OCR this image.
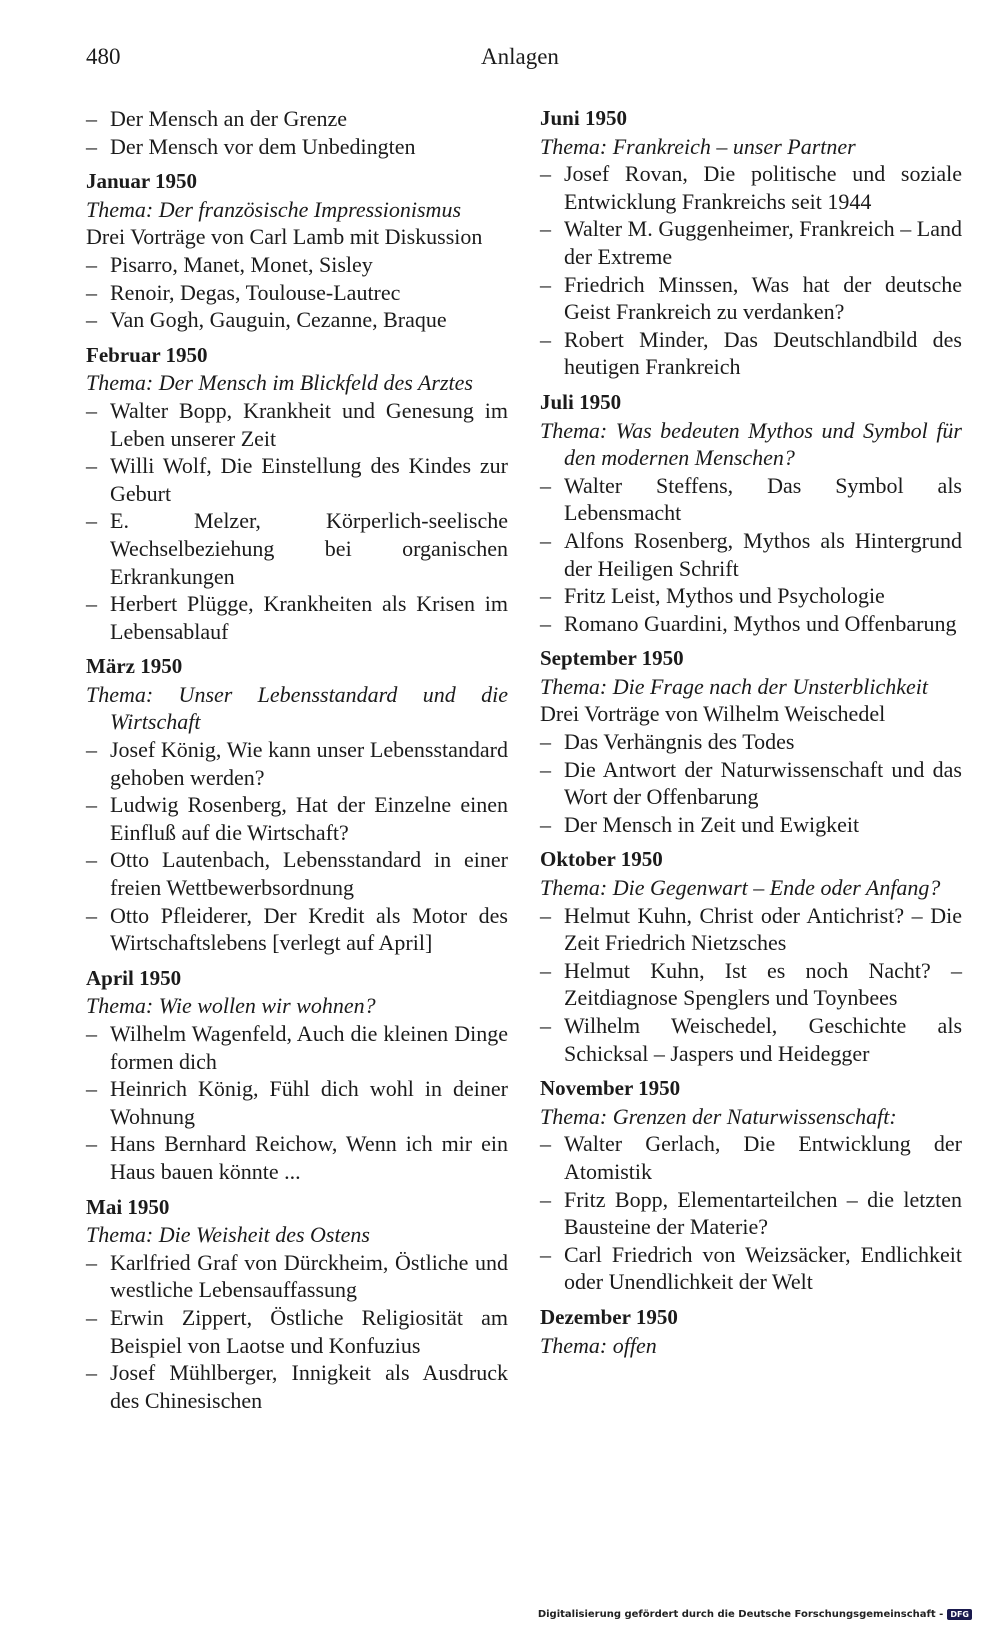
480	Anlagen
– Der Mensch an der Grenze
– Der Mensch vor dem Unbedingten
Januar 1950
Thema: Der französische Impressionismus
Drei Vorträge von Carl Lamb mit Diskussion
– Pisarro, Manet, Monet, Sisley
– Renoir, Degas, Toulouse-Lautrec
– Van Gogh, Gauguin, Cezanne, Braque
Februar 1950
Thema: Der Mensch im Blickfeld des Arztes
– Walter Bopp, Krankheit und Genesung im Leben unserer Zeit
– Willi Wolf, Die Einstellung des Kindes zur Geburt
– E. Melzer, Körperlich-seelische Wechselbeziehung bei organischen Erkrankungen
– Herbert Plügge, Krankheiten als Krisen im Lebensablauf
März 1950
Thema: Unser Lebensstandard und die Wirtschaft
– Josef König, Wie kann unser Lebensstandard gehoben werden?
– Ludwig Rosenberg, Hat der Einzelne einen Einfluß auf die Wirtschaft?
– Otto Lautenbach, Lebensstandard in einer freien Wettbewerbsordnung
– Otto Pfleiderer, Der Kredit als Motor des Wirtschaftslebens [verlegt auf April]
April 1950
Thema: Wie wollen wir wohnen?
– Wilhelm Wagenfeld, Auch die kleinen Dinge formen dich
– Heinrich König, Fühl dich wohl in deiner Wohnung
– Hans Bernhard Reichow, Wenn ich mir ein Haus bauen könnte ...
Mai 1950
Thema: Die Weisheit des Ostens
– Karlfried Graf von Dürckheim, Östliche und westliche Lebensauffassung
– Erwin Zippert, Östliche Religiosität am Beispiel von Laotse und Konfuzius
– Josef Mühlberger, Innigkeit als Ausdruck des Chinesischen
Juni 1950
Thema: Frankreich – unser Partner
– Josef Rovan, Die politische und soziale Entwicklung Frankreichs seit 1944
– Walter M. Guggenheimer, Frankreich – Land der Extreme
– Friedrich Minssen, Was hat der deutsche Geist Frankreich zu verdanken?
– Robert Minder, Das Deutschlandbild des heutigen Frankreich
Juli 1950
Thema: Was bedeuten Mythos und Symbol für den modernen Menschen?
– Walter Steffens, Das Symbol als Lebensmacht
– Alfons Rosenberg, Mythos als Hintergrund der Heiligen Schrift
– Fritz Leist, Mythos und Psychologie
– Romano Guardini, Mythos und Offenbarung
September 1950
Thema: Die Frage nach der Unsterblichkeit
Drei Vorträge von Wilhelm Weischedel
– Das Verhängnis des Todes
– Die Antwort der Naturwissenschaft und das Wort der Offenbarung
– Der Mensch in Zeit und Ewigkeit
Oktober 1950
Thema: Die Gegenwart – Ende oder Anfang?
– Helmut Kuhn, Christ oder Antichrist? – Die Zeit Friedrich Nietzsches
– Helmut Kuhn, Ist es noch Nacht? – Zeitdiagnose Spenglers und Toynbees
– Wilhelm Weischedel, Geschichte als Schicksal – Jaspers und Heidegger
November 1950
Thema: Grenzen der Naturwissenschaft:
– Walter Gerlach, Die Entwicklung der Atomistik
– Fritz Bopp, Elementarteilchen – die letzten Bausteine der Materie?
– Carl Friedrich von Weizsäcker, Endlichkeit oder Unendlichkeit der Welt
Dezember 1950
Thema: offen
Digitalisierung gefördert durch die Deutsche Forschungsgemeinschaft - DFG
